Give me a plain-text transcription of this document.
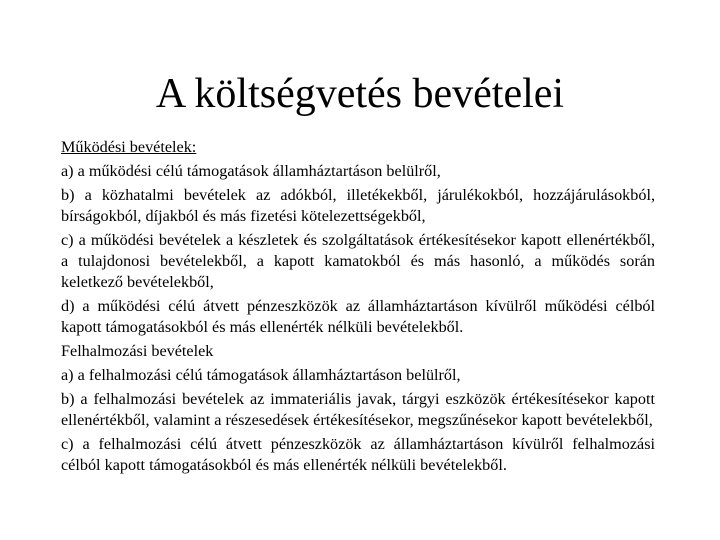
A költségvetés bevételei

Működési bevételek:

a) a működési célú támogatások államháztartáson belülről,

b) a közhatalmi bevételek az adókból, illetékekből, járulékokból, hozzájárulásokból, bírságokból, díjakból és más fizetési kötelezettségekből,

c) a működési bevételek a készletek és szolgáltatások értékesítésekor kapott ellenértékből, a tulajdonosi bevételekből, a kapott kamatokból és más hasonló, a működés során keletkező bevételekből,

d) a működési célú átvett pénzeszközök az államháztartáson kívülről működési célból kapott támogatásokból és más ellenérték nélküli bevételekből.

Felhalmozási bevételek

a) a felhalmozási célú támogatások államháztartáson belülről,

b) a felhalmozási bevételek az immateriális javak, tárgyi eszközök értékesítésekor kapott ellenértékből, valamint a részesedések értékesítésekor, megszűnésekor kapott bevételekből,

c) a felhalmozási célú átvett pénzeszközök az államháztartáson kívülről felhalmozási célból kapott támogatásokból és más ellenérték nélküli bevételekből.
